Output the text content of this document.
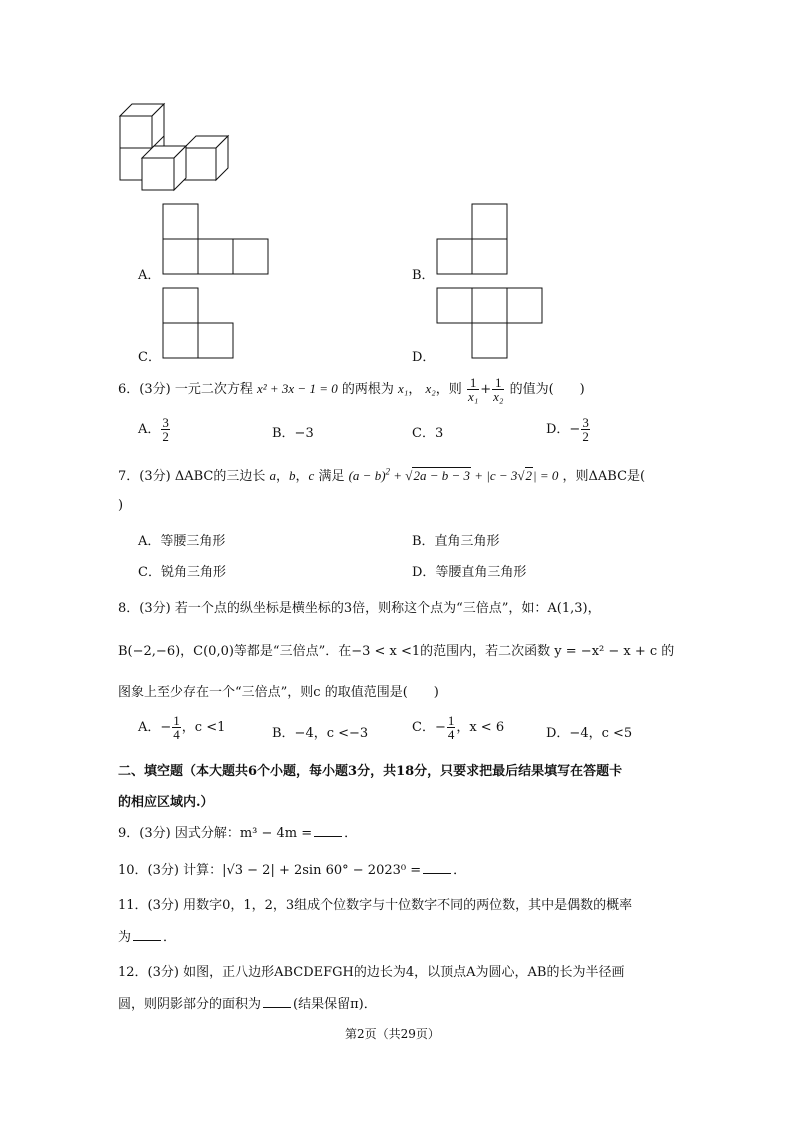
A．	B．
C．	D．
6．(3分) 一元二次方程 x² + 3x − 1 = 0 的两根为 x₁， x₂，则 $\frac{1}{\text{x₁}} + \frac{1}{\text{x₂}}$ 的值为(　　)
A． $\frac{3}{2}$	B．−3	C．3	D．− $\frac{3}{2}$
7．(3分) ΔABC的三边长 a，b，c 满足 $(a - b)^2 + √2a - b - 3 + |c - 3√2| = 0$ ，则ΔABC是(
)
A．等腰三角形	B．直角三角形
C．锐角三角形	D．等腰直角三角形
8．(3分) 若一个点的纵坐标是横坐标的3倍，则称这个点为“三倍点”，如：A(1,3)，
B(−2,−6)，C(0,0)等都是“三倍点”．在−3 < x <1的范围内，若二次函数 y = −x² − x + c 的
图象上至少存在一个“三倍点”，则c 的取值范围是(　　)
A．− $\frac{1}{4}$ ，c <1	B．−4，c <−3	C．− $\frac{1}{4}$ ，x < 6	D．−4，c <5
二、填空题（本大题共6个小题，每小题3分，共18分，只要求把最后结果填写在答题卡
的相应区域内.）
9．(3分) 因式分解：m³ − 4m = ．
10．(3分) 计算：|√3 − 2| + 2sin 60° − 2023⁰ = ．
11．(3分) 用数字0，1，2，3组成个位数字与十位数字不同的两位数，其中是偶数的概率
为 ．
12．(3分) 如图，正八边形ABCDEFGH的边长为4，以顶点A为圆心，AB的长为半径画
圆，则阴影部分的面积为 (结果保留π)．
第2页（共29页）
